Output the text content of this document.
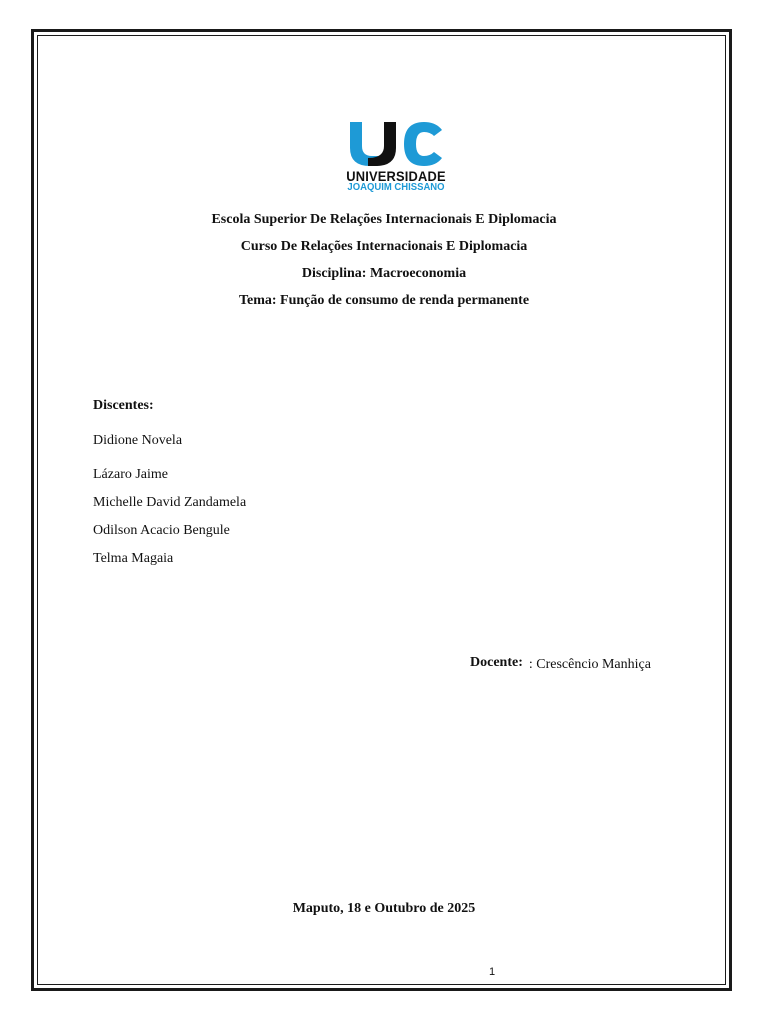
UNIVERSIDADE
JOAQUIM CHISSANO
Escola Superior De Relações Internacionais E Diplomacia
Curso De Relações Internacionais E Diplomacia
Disciplina: Macroeconomia
Tema: Função de consumo de renda permanente
Discentes:
Didione Novela
Lázaro Jaime
Michelle David Zandamela
Odilson Acacio Bengule
Telma Magaia
Docente: : Crescêncio Manhiça
Maputo, 18 e Outubro de 2025
1
